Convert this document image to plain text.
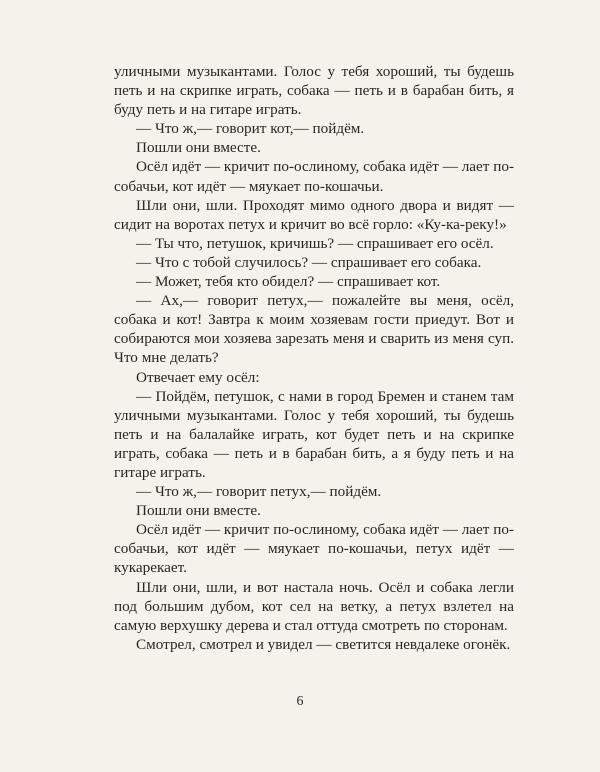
уличными музыкантами. Голос у тебя хороший, ты будешь петь и на скрипке играть, собака — петь и в барабан бить, я буду петь и на гитаре играть.

— Что ж,— говорит кот,— пойдём.

Пошли они вместе.

Осёл идёт — кричит по-ослиному, собака идёт — лает по-собачьи, кот идёт — мяукает по-кошачьи.

Шли они, шли. Проходят мимо одного двора и видят — сидит на воротах петух и кричит во всё горло: «Ку-ка-реку!»

— Ты что, петушок, кричишь? — спрашивает его осёл.

— Что с тобой случилось? — спрашивает его собака.

— Может, тебя кто обидел? — спрашивает кот.

— Ах,— говорит петух,— пожалейте вы меня, осёл, собака и кот! Завтра к моим хозяевам гости приедут. Вот и собираются мои хозяева зарезать меня и сварить из меня суп. Что мне делать?

Отвечает ему осёл:

— Пойдём, петушок, с нами в город Бремен и станем там уличными музыкантами. Голос у тебя хороший, ты будешь петь и на балалайке играть, кот будет петь и на скрипке играть, собака — петь и в барабан бить, а я буду петь и на гитаре играть.

— Что ж,— говорит петух,— пойдём.

Пошли они вместе.

Осёл идёт — кричит по-ослиному, собака идёт — лает по-собачьи, кот идёт — мяукает по-кошачьи, петух идёт — кукарекает.

Шли они, шли, и вот настала ночь. Осёл и собака легли под большим дубом, кот сел на ветку, а петух взлетел на самую верхушку дерева и стал оттуда смотреть по сторонам.

Смотрел, смотрел и увидел — светится невдалеке огонёк.

6
